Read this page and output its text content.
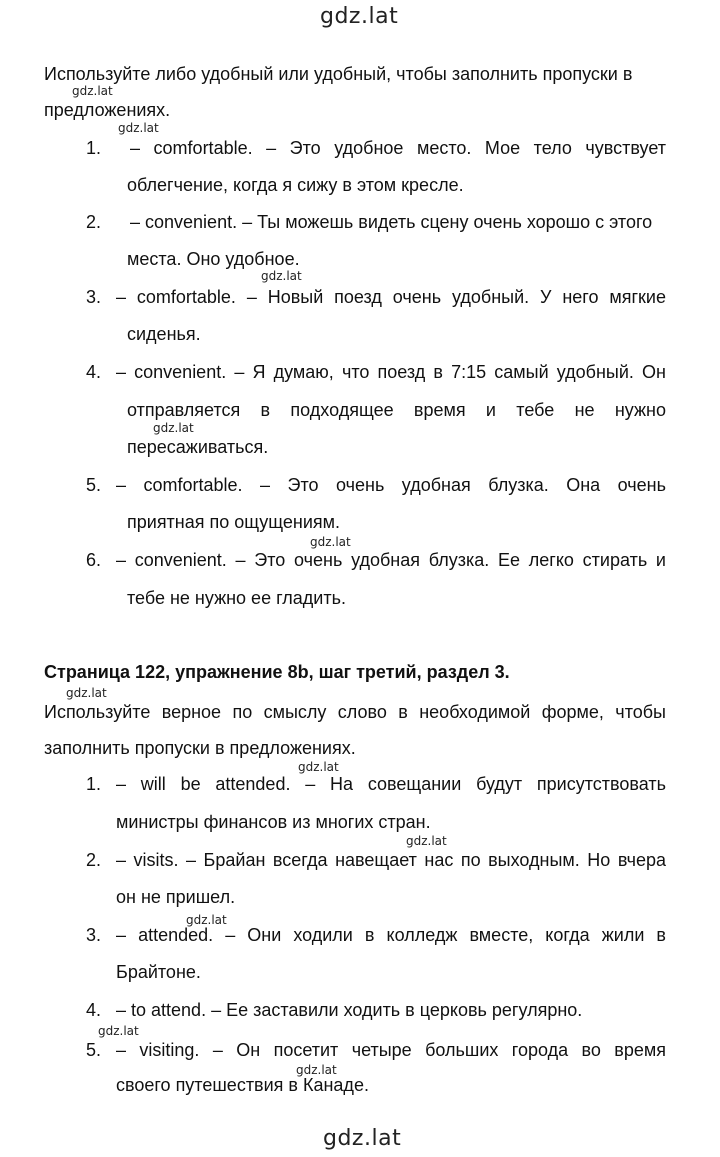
gdz.lat
Используйте либо удобный или удобный, чтобы заполнить пропуски в
gdz.lat
предложениях.
gdz.lat
1. – comfortable. – Это удобное место. Мое тело чувствует
облегчение, когда я сижу в этом кресле.
2. – convenient. – Ты можешь видеть сцену очень хорошо с этого
места. Оно удобное.
gdz.lat
3. – comfortable. – Новый поезд очень удобный. У него мягкие
сиденья.
4. – convenient. – Я думаю, что поезд в 7:15 самый удобный. Он
отправляется в подходящее время и тебе не нужно
gdz.lat
пересаживаться.
5. – comfortable. – Это очень удобная блузка. Она очень
приятная по ощущениям.
gdz.lat
6. – convenient. – Это очень удобная блузка. Ее легко стирать и
тебе не нужно ее гладить.
Страница 122, упражнение 8b, шаг третий, раздел 3.
gdz.lat
Используйте верное по смыслу слово в необходимой форме, чтобы
заполнить пропуски в предложениях.
gdz.lat
1. – will be attended. – На совещании будут присутствовать
министры финансов из многих стран.
gdz.lat
2. – visits. – Брайан всегда навещает нас по выходным. Но вчера
он не пришел.
gdz.lat
3. – attended. – Они ходили в колледж вместе, когда жили в
Брайтоне.
4. – to attend. – Ее заставили ходить в церковь регулярно.
gdz.lat
5. – visiting. – Он посетит четыре больших города во время
gdz.lat
своего путешествия в Канаде.
gdz.lat
